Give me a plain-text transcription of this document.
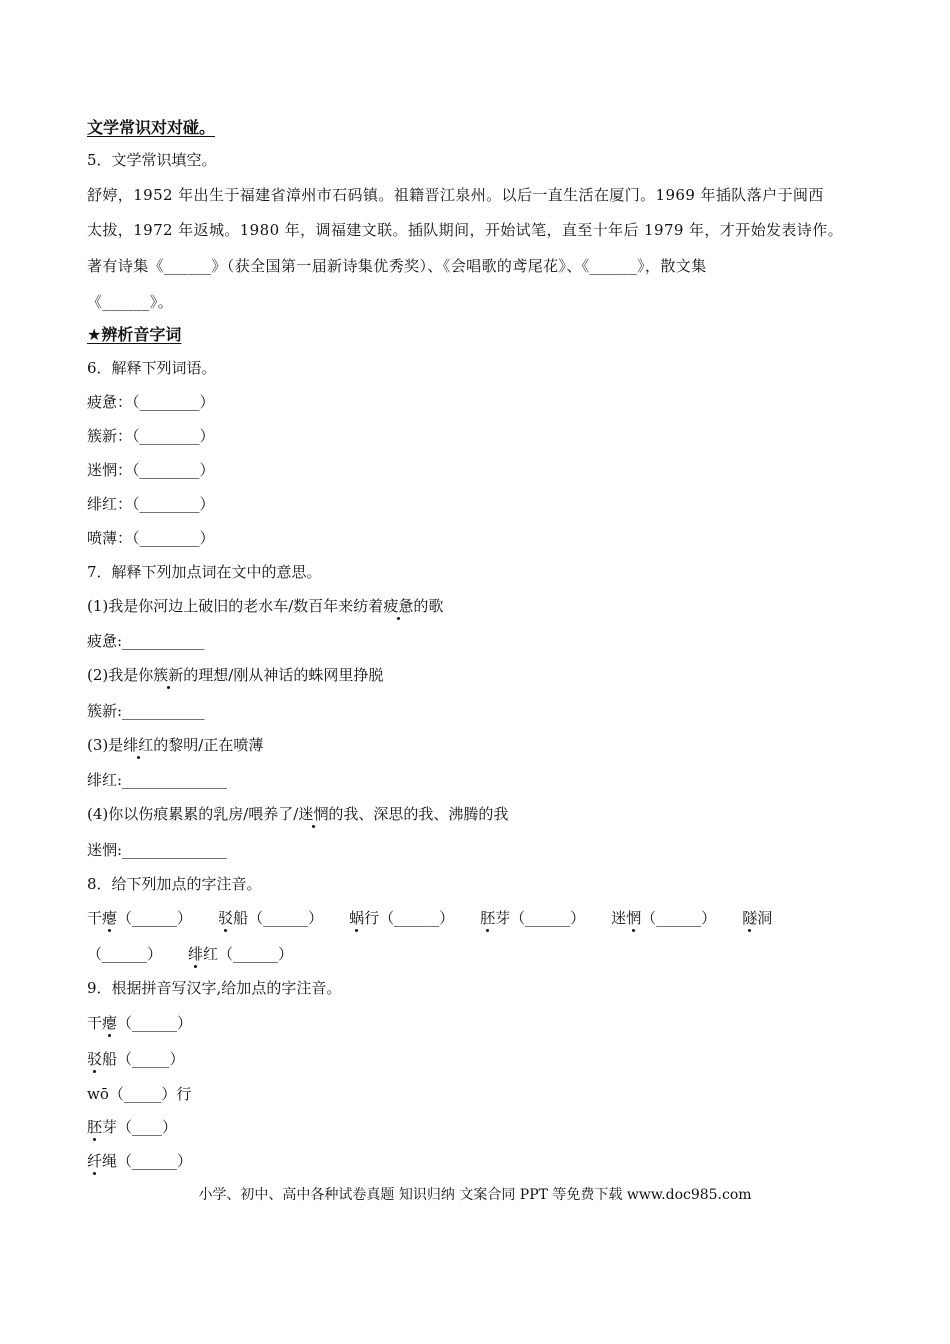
文学常识对对碰。
5．文学常识填空。
舒婷，1952 年出生于福建省漳州市石码镇。祖籍晋江泉州。以后一直生活在厦门。1969 年插队落户于闽西
太拔，1972 年返城。1980 年，调福建文联。插队期间，开始试笔，直至十年后 1979 年，才开始发表诗作。
著有诗集《______》（获全国第一届新诗集优秀奖）、《会唱歌的鸢尾花》、《______》，散文集
《______》。
★辨析音字词
6．解释下列词语。
疲惫：（________）
簇新：（________）
迷惘：（________）
绯红：（________）
喷薄：（________）
7．解释下列加点词在文中的意思。
(1)我是你河边上破旧的老水车/数百年来纺着疲惫的歌
疲惫:___________
(2)我是你簇新的理想/刚从神话的蛛网里挣脱
簇新:___________
(3)是绯红的黎明/正在喷薄
绯红:______________
(4)你以伤痕累累的乳房/喂养了/迷惘的我、深思的我、沸腾的我
迷惘:______________
8．给下列加点的字注音。
干瘪（______） 驳船（______） 蜗行（______） 胚芽（______） 迷惘（______） 隧洞
（______） 绯红（______）
9．根据拼音写汉字,给加点的字注音。
干瘪（______）
驳船（_____）
wō（_____）行
胚芽（____）
纤绳（______）
小学、初中、高中各种试卷真题 知识归纳 文案合同 PPT 等免费下载 www.doc985.com
